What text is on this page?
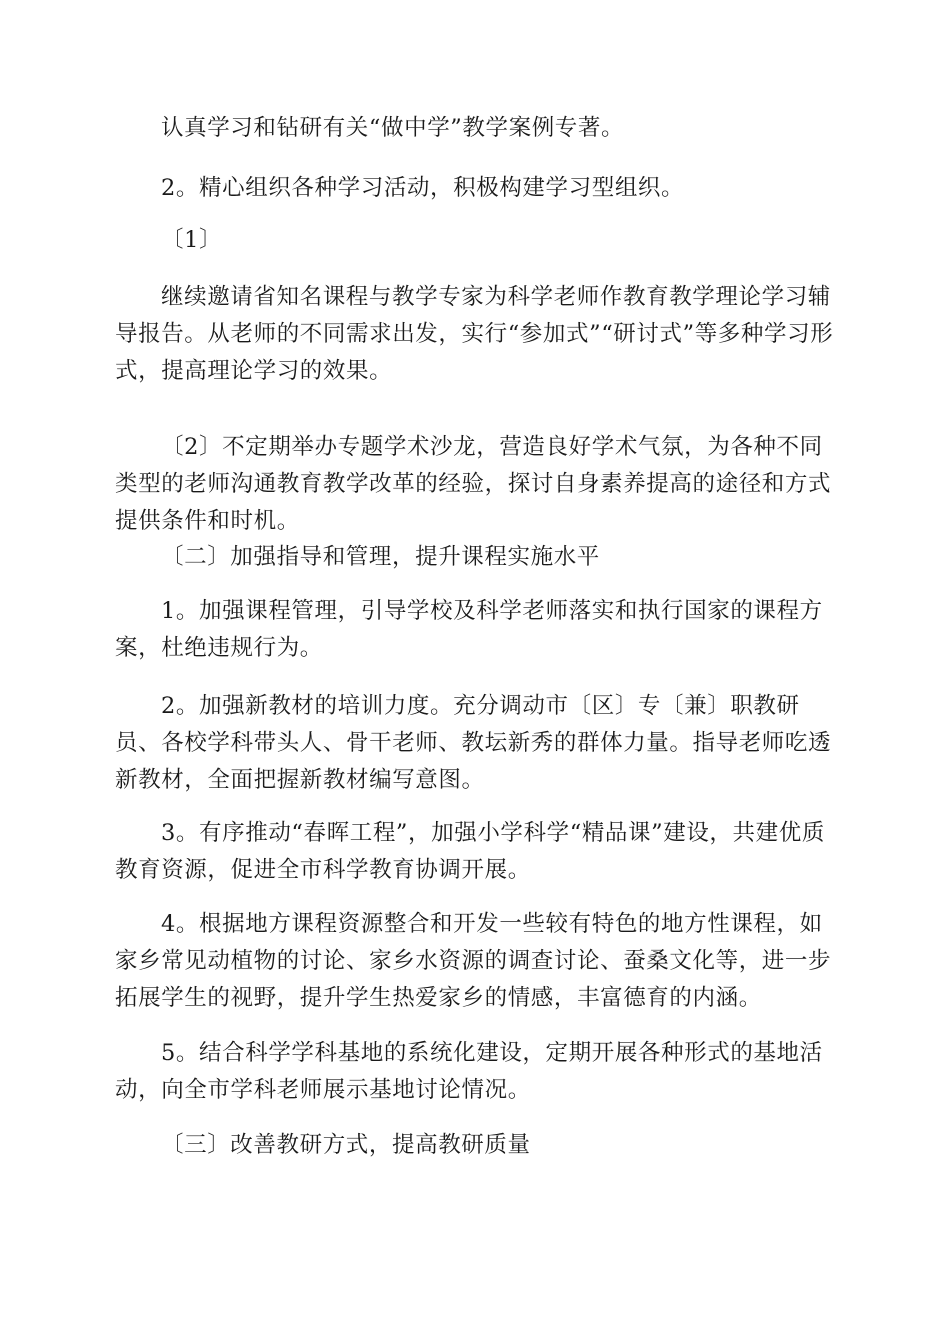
认真学习和钻研有关“做中学”教学案例专著。

2。精心组织各种学习活动，积极构建学习型组织。

〔1〕

继续邀请省知名课程与教学专家为科学老师作教育教学理论学习辅导报告。从老师的不同需求出发，实行“参加式”“研讨式”等多种学习形式，提高理论学习的效果。

〔2〕不定期举办专题学术沙龙，营造良好学术气氛，为各种不同类型的老师沟通教育教学改革的经验，探讨自身素养提高的途径和方式提供条件和时机。

〔二〕加强指导和管理，提升课程实施水平

1。加强课程管理，引导学校及科学老师落实和执行国家的课程方案，杜绝违规行为。

2。加强新教材的培训力度。充分调动市〔区〕专〔兼〕职教研员、各校学科带头人、骨干老师、教坛新秀的群体力量。指导老师吃透新教材，全面把握新教材编写意图。

3。有序推动“春晖工程”，加强小学科学“精品课”建设，共建优质教育资源，促进全市科学教育协调开展。

4。根据地方课程资源整合和开发一些较有特色的地方性课程，如家乡常见动植物的讨论、家乡水资源的调查讨论、蚕桑文化等，进一步拓展学生的视野，提升学生热爱家乡的情感，丰富德育的内涵。

5。结合科学学科基地的系统化建设，定期开展各种形式的基地活动，向全市学科老师展示基地讨论情况。

〔三〕改善教研方式，提高教研质量
